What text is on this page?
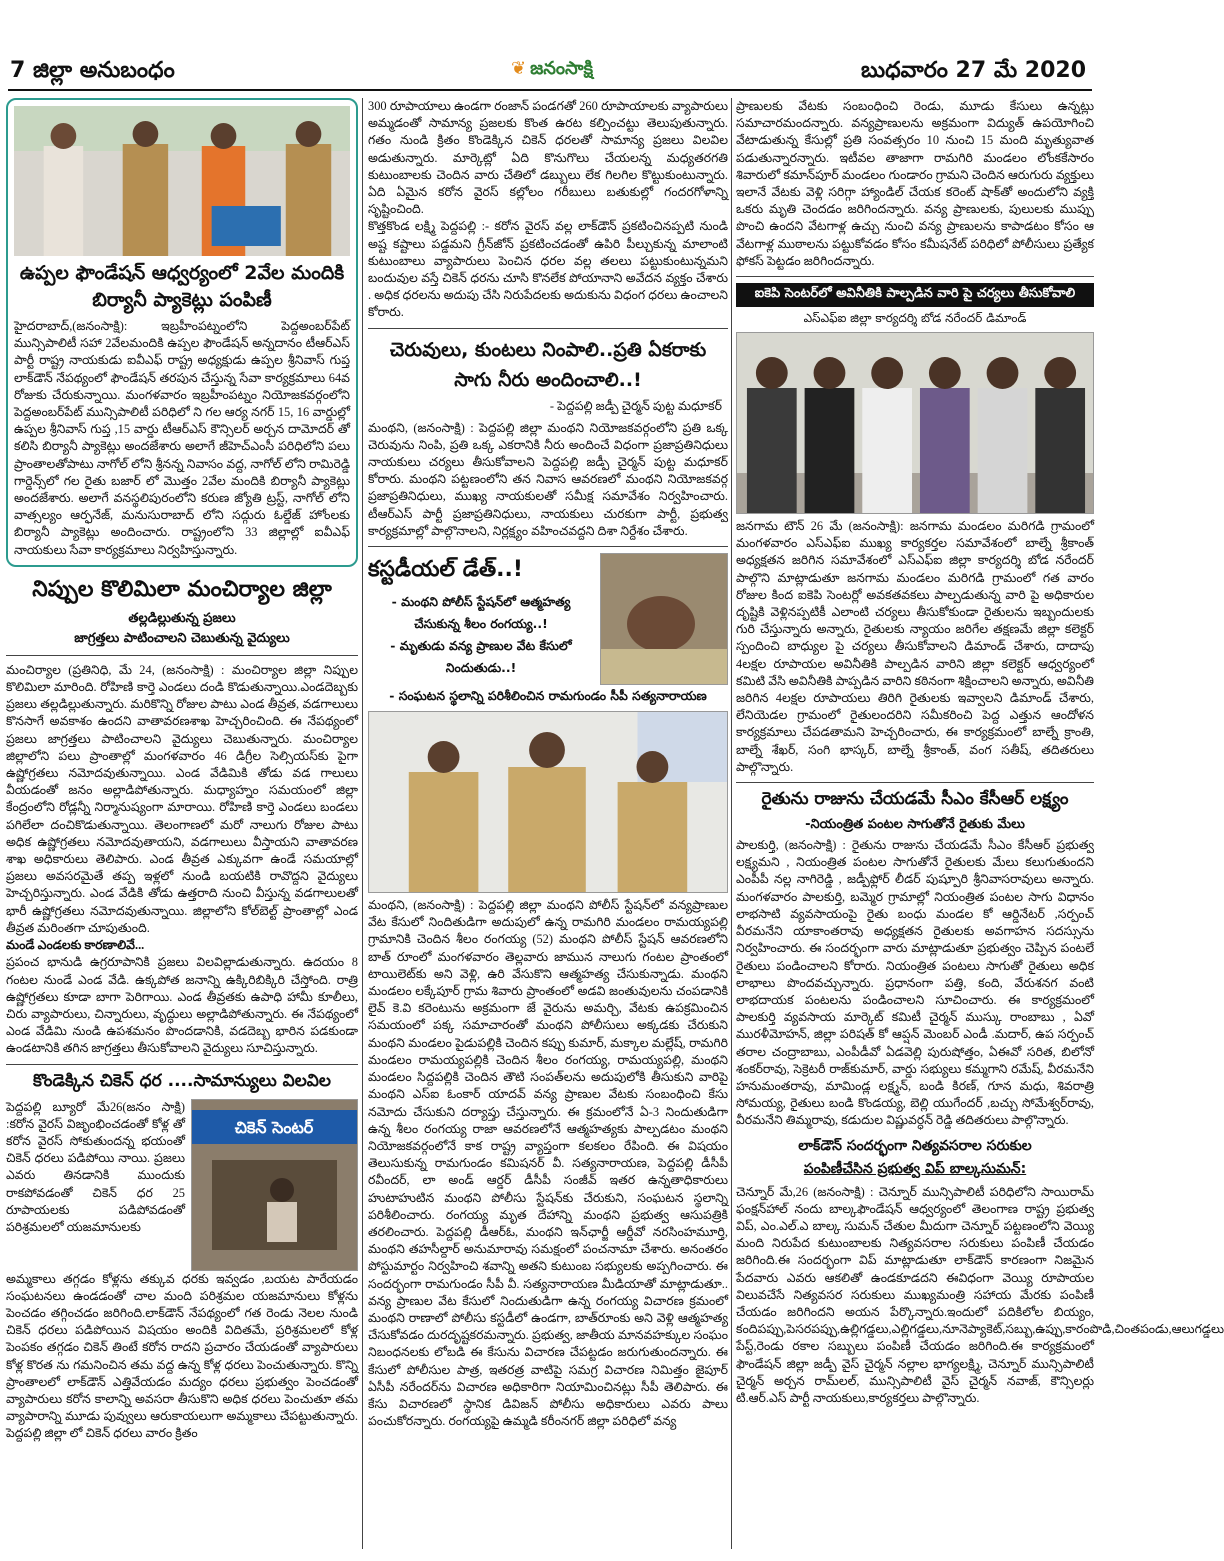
7 జిల్లా అనుబంధం	❦ జనంసాక్షి	బుధవారం 27 మే 2020
ఉప్పల ఫౌండేషన్ ఆధ్వర్యంలో 2వేల మందికి బిర్యానీ ప్యాకెట్లు పంపిణీ

హైదరాబాద్,(జనంసాక్షి): ఇబ్రహీంపట్నంలోని పెద్దఅంబర్‌పేట్ మున్సిపాలిటీ సహా 2వేలమందికి ఉప్పల ఫౌండేషన్ అన్నదానం టీఆర్ఎస్ పార్టీ రాష్ట్ర నాయకుడు ఐవీఎఫ్ రాష్ట్ర అధ్యక్షుడు ఉప్పల శ్రీనివాస్ గుప్త లాక్‌డౌన్ నేపథ్యంలో ఫౌండేషన్ తరపున చేస్తున్న సేవా కార్యక్రమాలు 64వ రోజుకు చేరుకున్నాయి. మంగళవారం ఇబ్రహీంపట్నం నియోజకవర్గంలోని పెద్దఅంబర్‌పేట్ మున్సిపాలిటీ పరిధిలో ని గల ఆర్య నగర్ 15, 16 వార్డుల్లో ఉప్పల శ్రీనివాస్ గుప్త ,15 వార్డు టీఆర్ఎస్ కౌన్సిలర్ అర్చన దామోదర్ తో కలిసి బిర్యానీ ప్యాకెట్లు అందజేశారు అలాగే జీహెచ్ఎంసీ పరిధిలోని పలు ప్రాంతాలతోపాటు నాగోల్ లోని శ్రీనన్న నివాసం వద్ద, నాగోల్ లోని రామిరెడ్డి గార్డెన్స్‌లో గల రైతు బజార్ లో మొత్తం 2వేల మందికి బిర్యానీ ప్యాకెట్లు అందజేశారు. అలాగే వనస్థలిపురంలోని కరుణ జ్యోతి ట్రస్ట్, నాగోల్ లోని వాత్సల్యం ఆర్ఫనేజ్, మనుసురాబాద్ లోని సద్గురు ఓల్డేజ్ హోంలకు బిర్యానీ ప్యాకెట్లు అందించారు. రాష్ట్రంలోని 33 జిల్లాల్లో ఐవీఎఫ్ నాయకులు సేవా కార్యక్రమాలు నిర్వహిస్తున్నారు.

నిప్పుల కొలిమిలా మంచిర్యాల జిల్లా
తల్లడిల్లుతున్న ప్రజలు
జాగ్రత్తలు పాటించాలని చెబుతున్న వైద్యులు

మంచిర్యాల (ప్రతినిధి, మే 24, (జనంసాక్షి) : మంచిర్యాల జిల్లా నిప్పుల కొలిమిలా మారింది. రోహిణి కార్తె ఎండలు దండి కొడుతున్నాయి.ఎండదెబ్బకు ప్రజలు తల్లడిల్లుతున్నారు. మరికొన్ని రోజుల పాటు ఎండ తీవ్రత, వడగాలులు కొనసాగే అవకాశం ఉందని వాతావరణశాఖ హెచ్చరించింది. ఈ నేపథ్యంలో ప్రజలు జాగ్రత్తలు పాటించాలని వైద్యులు చెబుతున్నారు. మంచిర్యాల జిల్లాలోని పలు ప్రాంతాల్లో మంగళవారం 46 డిగ్రీల సెల్సియస్‌కు పైగా ఉష్ణోగ్రతలు నమోదవుతున్నాయి. ఎండ వేడిమికి తోడు వడ గాలులు వీయడంతో జనం అల్లాడిపోతున్నారు. మధ్యాహ్నం సమయంలో జిల్లా కేంద్రంలోని రోడ్లన్నీ నిర్మానుష్యంగా మారాయి. రోహిణి కార్తె ఎండలు బండలు పగిలేలా దంచికొడుతున్నాయి. తెలంగాణలో మరో నాలుగు రోజుల పాటు అధిక ఉష్ణోగ్రతలు నమోదవుతాయని, వడగాలులు వీస్తాయని వాతావరణ శాఖ అధికారులు తెలిపారు. ఎండ తీవ్రత ఎక్కువగా ఉండే సమయాల్లో ప్రజలు అవసరమైతే తప్ప ఇళ్లలో నుండి బయటికి రావొద్దని వైద్యులు హెచ్చరిస్తున్నారు. ఎండ వేడికి తోడు ఉత్తరాది నుంచి వీస్తున్న వడగాలులతో భారీ ఉష్ణోగ్రతలు నమోదవుతున్నాయి. జిల్లాలోని కోల్‌బెల్ట్ ప్రాంతాల్లో ఎండ తీవ్రత మరింతగా చూపుతుంది.

మండే ఎండలకు కారణాలివే...

ప్రపంచ భానుడి ఉగ్రరూపానికి ప్రజలు విలవిల్లాడుతున్నారు. ఉదయం 8 గంటల నుండే ఎండ వేడి. ఉక్కపోత జనాన్ని ఉక్కిరిబిక్కిరి చేస్తోంది. రాత్రి ఉష్ణోగ్రతలు కూడా బాగా పెరిగాయి. ఎండ తీవ్రతకు ఉపాధి హామీ కూలీలు, చిరు వ్యాపారులు, చిన్నారులు, వృద్ధులు అల్లాడిపోతున్నారు. ఈ నేపథ్యంలో ఎండ వేడిమి నుండి ఉపశమనం పొందడానికి, వడదెబ్బ భారిన పడకుండా ఉండటానికి తగిన జాగ్రత్తలు తీసుకోవాలని వైద్యులు సూచిస్తున్నారు.

కొండెక్కిన చికెన్ ధర ....సామాన్యులు విలవిల

పెద్దపల్లి బ్యూరో మే26(జనం సాక్షి) :కరోన వైరస్ విజృంభించడంతో కోళ్ల తో కరోన వైరస్ సోకుతుందన్న భయంతో చికెన్ ధరలు పడిపోయి నాయి. ప్రజలు ఎవరు తినడానికి ముందుకు రాకపోవడంతో చికెన్ ధర 25 రూపాయలకు పడిపోవడంతో పరిశ్రమలలో యజమానులకు

చికెన్ సెంటర్

అమ్మకాలు తగ్గడం కోళ్లను తక్కువ ధరకు ఇవ్వడం ,బయట పారేయడం సంఘటనలు ఉండడంతో చాల మంది పరిశ్రమల యజమానులు కోళ్లను పెంచడం తగ్గించడం జరిగింది.లాక్‌డౌన్ నేపథ్యంలో గత రెండు నెలల నుండి చికెన్ ధరలు పడిపోయిన విషయం అందికి విదితమే, ప్రరిశ్రమలలో కోళ్ల పెంపకం తగ్గడం చికెన్ తింటే కరోన రాదని ప్రచారం చేయడంతో వ్యాపారులు కోళ్ల కొరత ను గమనించిన తమ వద్ద ఉన్న కోళ్ల ధరలు పెంచుతున్నారు. కొన్ని ప్రాంతాలలో లాక్‌డౌన్ ఎత్తివేయడం మద్యం ధరలు ప్రభుత్వం పెంచడంతో వ్యాపారులు కరోన కాలాన్ని అవసరా తీసుకొని అధిక ధరలు పెంచుతూ తమ వ్యాపారాన్ని మూడు పువ్వులు ఆరుకాయలుగా అమ్మకాలు చేపట్టుతున్నారు. పెద్దపల్లి జిల్లా లో చికెన్ ధరలు వారం క్రితం

300 రూపాయాలు ఉండగా రంజాన్ పండగతో 260 రూపాయాలకు వ్యాపారులు అమ్మడంతో సామాన్య ప్రజలకు కొంత ఉరట కల్పించట్టు తెలుపుతున్నారు. గతం నుండి క్రితం కొండెక్కిన చికెన్ ధరలతో సామాన్య ప్రజలు విలవిల అడుతున్నారు. మార్కెట్లో ఏది కొనుగొలు చేయలన్న మధ్యతరగతి కుటుంబాలకు చెందిన వారు చేతిలో డబ్బులు లేక గిలగిల కొట్టుకుంటున్నారు. ఏది ఏమైన కరోన వైరస్ కల్లోలం గరీబులు బతుకుల్లో గందరగోళాన్ని సృష్టించింది.

కొత్తకొండ లక్ష్మి పెద్దపల్లి :- కరోన వైరస్ వల్ల లాక్‌డౌన్ ప్రకటించినప్పటి నుండి అష్ట కష్టాలు పడ్డమని గ్రీన్‌జోన్ ప్రకటించడంతో ఉపిరి పీల్చుకున్న మాలాంటి కుటుంబాలు వ్యాపారులు పెంచిన ధరల వల్ల తలలు పట్టుకుంటున్నమని బందువుల వస్తే చికెన్ ధరను చూసి కొనలేక పోయానాని అవేదన వ్యక్తం చేశారు . అధిక ధరలను అదుపు చేసి నిరుపేదలకు అదుకును విధంగ ధరలు ఉంచాలని కోరారు.

చెరువులు, కుంటలు నింపాలి..ప్రతి ఏకరాకు సాగు నీరు అందించాలి..!
- పెద్దపల్లి జడ్పీ చైర్మన్ పుట్ట మధూకర్

మంథని, (జనంసాక్షి) : పెద్దపల్లి జిల్లా మంథని నియోజకవర్గంలోని ప్రతి ఒక్క చెరువును నింపి, ప్రతి ఒక్క ఎకరానికి నీరు అందించే విధంగా ప్రజాప్రతినిధులు నాయకులు చర్యలు తీసుకోవాలని పెద్దపల్లి జడ్పీ చైర్మన్ పుట్ట మధూకర్ కోరారు. మంథని పట్టణంలోని తన నివాస ఆవరణలో మంథని నియోజకవర్గ ప్రజాప్రతినిధులు, ముఖ్య నాయకులతో సమీక్ష సమావేశం నిర్వహించారు. టీఆర్ఎస్ పార్టీ ప్రజాప్రతినిధులు, నాయకులు చురకుగా పార్టీ, ప్రభుత్వ కార్యక్రమాల్లో పాల్గొనాలని, నిర్లక్ష్యం వహించవద్దని దిశా నిర్దేశం చేశారు.

కస్టడీయల్ డేత్..!

- మంథని పోలీస్ స్టేషన్‌లో ఆత్మహత్య చేసుకున్న శీలం రంగయ్య..!

- మృతుడు వన్య ప్రాణుల వేట కేసులో నిందుతుడు..!

- సంఘటన స్థలాన్ని పరిశీలించిన రామగుండం సీపీ సత్యనారాయణ

మంథని, (జనంసాక్షి) : పెద్దపల్లి జిల్లా మంథని పోలీస్ స్టేషన్‌లో వన్యప్రాణుల వేట కేసులో నిందితుడిగా అదుపులో ఉన్న రామగిరి మండలం రామయ్యపల్లి గ్రామానికి చెందిన శీలం రంగయ్య (52) మంథని పోలీస్ స్టేషన్ ఆవరణలోని బాత్ రూంలో మంగళవారం తెల్లవారు జామున నాలుగు గంటల ప్రాంతంలో టాయిలెట్‌కు అని వెళ్లి, ఉరి వేసుకొని ఆత్మహత్య చేసుకున్నాడు. మంథని మండలం లక్కేపూర్ గ్రామ శివారు ప్రాంతంలో అడవి జంతువులను చంపడానికి లైవ్ కె.వి కరెంటును అక్రమంగా జే వైరును అమర్చి, వేటకు ఉపక్రమించిన సమయంలో పక్క సమాచారంతో మంథని పోలీసులు అక్కడకు చేరుకుని మంథని మండలం పైడుపల్లికి చెందిన కప్పు కుమార్, మక్కాల మల్లేష్, రామగిరి మండలం రామయ్యపల్లికి చెందిన శీలం రంగయ్య, రామయ్యపల్లి, మంథని మండలం సిద్దపల్లికి చెందిన తౌటి సంపత్‌లను అదుపులోకి తీసుకుని వారిపై మంథని ఎస్ఐ ఓంకార్ యాదవ్ వన్య ప్రాణుల వేటకు సంబంధించి కేసు నమోదు చేసుకుని దర్యాప్తు చేస్తున్నారు. ఈ క్రమంలోనే ఏ-3 నిందుతుడిగా ఉన్న శీలం రంగయ్య రాజా ఆవరణలోనే ఆత్మహత్యకు పాల్పడటం మంథని నియోజకవర్గంలోనే కాక రాష్ట్ర వ్యాప్తంగా కలకలం రేపింది. ఈ విషయం తెలుసుకున్న రామగుండం కమిషనర్ వీ. సత్యనారాయణ, పెద్దపల్లి డీసీపీ రవీందర్, లా అండ్ ఆర్డర్ డీసీపీ సంజీవ్ ఇతర ఉన్నతాధికారులు హుటాహుటిన మంథని పోలీసు స్టేషన్‌కు చేరుకుని, సంఘటన స్థలాన్ని పరిశీలించారు. రంగయ్య మృత దేహాన్ని మంథని ప్రభుత్వ ఆసుపత్రికి తరలించారు. పెద్దపల్లి డీఆర్ఓ, మంథని ఇన్‌ఛార్జీ ఆర్డీవో నరసింహమూర్తి, మంథని తహసీల్దార్ అనుమారావు సమక్షంలో పంచనామా చేశారు. అనంతరం పోస్టుమార్టం నిర్వహించి శవాన్ని అతని కుటుంబ సభ్యులకు అప్పగించారు. ఈ సందర్భంగా రామగుండం సీపీ వీ. సత్యనారాయణ మీడియాతో మాట్లాడుతూ.. వన్య ప్రాణుల వేట కేసులో నిందుతుడిగా ఉన్న రంగయ్య విచారణ క్రమంలో మంథని రాణాలో పోలీసు కస్టడీలో ఉండగా, బాత్‌రూంకు అని వెళ్లి ఆత్మహత్య చేసుకోవడం దురదృష్టకరమన్నారు. ప్రభుత్వ, జాతీయ మానవహక్కుల సంఘం నిబంధనలకు లోబడి ఈ కేసును విచారణ చేపట్టడం జరుగుతుందన్నారు. ఈ కేసులో పోలీసుల పాత్ర, ఇతరత్ర వాటిపై సమగ్ర విచారణ నిమిత్తం జైపూర్ ఏసీపీ నరేందర్‌ను విచారణ అధికారిగా నియామించినట్లు సీపీ తెలిపారు. ఈ కేసు విచారణలో స్థానిక డివిజన్ పోలీసు అధికారులు ఎవరు పాలు పంచుకోరన్నారు. రంగయ్యపై ఉమ్మడి కరీంనగర్ జిల్లా పరిధిలో వన్య

ప్రాణులకు వేటకు సంబంధించి రెండు, మూడు కేసులు ఉన్నట్లు సమాచారమందన్నారు. వన్యప్రాణులను అక్రమంగా విద్యుత్ ఉపయోగించి వేటాడుతున్న కేసుల్లో ప్రతి సంవత్సరం 10 నుంచి 15 మంది మృత్యువాత పడుతున్నారన్నారు. ఇటీవల తాజాగా రామగిరి మండలం లోంకకేసారం శివారులో కమాన్‌పూర్ మండలం గుండారం గ్రామని చెందిన ఆరుగురు వ్యక్తులు ఇలానే వేటకు వెళ్లి సరిగ్గా హ్యాండిల్ చేయక కరెంట్ షాక్‌తో అందులోని వ్యక్తి ఒకరు మృతి చెందడం జరిగిందన్నారు. వన్య ప్రాణులకు, పులులకు ముప్పు పొంచి ఉందని వేటగాళ్ల ఉచ్చు నుంచి వన్య ప్రాణులను కాపాడటం కోసం ఆ వేటగాళ్ల ముఠాలను పట్టుకోవడం కోసం కమీషనేట్ పరిధిలో పోలీసులు ప్రత్యేక ఫోకస్ పెట్టడం జరిగిందన్నారు.

ఐకెపి సెంటర్‌లో అవినీతికి పాల్పడిన వారి పై చర్యలు తీసుకోవాలి
ఎస్ఎఫ్ఐ జిల్లా కార్యదర్శి బోడ నరేందర్ డిమాండ్

జనగామ టౌన్ 26 మే (జనంసాక్షి): జనగామ మండలం మరిగడి గ్రామంలో మంగళవారం ఎస్ఎఫ్ఐ ముఖ్య కార్యకర్తల సమావేశంలో బాల్నే శ్రీకాంత్ అధ్యక్షతన జరిగిన సమావేశంలో ఎస్ఎఫ్ఐ జిల్లా కార్యదర్శి బోడ నరేందర్ పాల్గొని మాట్లాడుతూ జనగామ మండలం మరిగడి గ్రామంలో గత వారం రోజుల కింద ఐకెపి సెంటర్లో అవకతవకలు పాల్పడుతున్న వారి పై అధికారుల దృష్టికి వెళ్లినప్పటికీ ఎలాంటి చర్యలు తీసుకోకుండా రైతులను ఇబ్బందులకు గురి చేస్తున్నారు అన్నారు, రైతులకు న్యాయం జరిగేల తక్షణమే జిల్లా కలెక్టర్ స్పందించి బాధ్యుల పై చర్యలు తీసుకోవాలని డిమాండ్ చేశారు, దాదాపు 4లక్షల రూపాయల అవినీతికి పాల్పడిన వారిని జిల్లా కలెక్టర్ ఆధ్వర్యంలో కమిటి వేసి అవినీతికి పాప్పడిన వారిని కఠినంగా శిక్షించాలని అన్నారు, అవినీతి జరిగిన 4లక్షల రూపాయలు తిరిగి రైతులకు ఇవ్వాలని డిమాండ్ చేశారు, లేనియెడల గ్రామంలో రైతులందరిని సమీకరించి పెద్ద ఎత్తున ఆందోళన కార్యక్రమాలు చేపడతామని హెచ్చరించారు, ఈ కార్యక్రమంలో బాల్నే క్రాంతి, బాల్నే శేఖర్, సంగి భాస్కర్, బాల్నే శ్రీకాంత్, వంగ సతీష్, తదితరులు పాల్గొన్నారు.

రైతును రాజును చేయడమే సీఎం కేసీఆర్ లక్ష్యం
-నియంత్రిత పంటల సాగుతోనే రైతుకు మేలు

పాలకుర్తి, (జనంసాక్షి) : రైతును రాజును చేయడమే సీఎం కేసీఆర్ ప్రభుత్వ లక్ష్యమని , నియంత్రిత పంటల సాగుతోనే రైతులకు మేలు కలుగుతుందని ఎంపీపీ నల్ల నాగిరెడ్డి , జడ్పీఫ్లోర్ లీడర్ పుష్పూరి శ్రీనివాసరావులు అన్నారు. మంగళవారం పాలకుర్తి, బమ్మెర గ్రామాల్లో నియంత్రిత పంటల సాగు విధానం లాభసాటి వ్యవసాయంపై రైతు బంధు మండల కో ఆర్డినేటర్ ,సర్పంచ్ వీరమనేని యాకాంతరావు అధ్యక్షతన రైతులకు అవగాహన సదస్సును నిర్వహించారు. ఈ సందర్భంగా వారు మాట్లాడుతూ ప్రభుత్వం చెప్పిన పంటలే రైతులు పండించాలని కోరారు. నియంత్రిత పంటలు సాగుతో రైతులు అధిక లాభాలు పొందవచ్చున్నారు. ప్రధానంగా పత్తి, కంది, వేరుశనగ వంటి లాభదాయక పంటలను పండించాలని సూచించారు. ఈ కార్యక్రమంలో పాలకుర్తి వ్యవసాయ మార్కెట్ కమిటీ చైర్మన్ ముస్కు రాంబాబు , ఏవో మురళీమోహన్, జిల్లా పరిషత్ కో ఆప్షన్ మెంబర్ ఎండీ .మదార్, ఉప సర్పంచ్ తరాల చంద్రాబాబు, ఎంపీడీవో ఏడవెల్లి పురుషోత్తం, ఏఈవో సరిత, బిలోనో శంకర్‌రావు, సెక్రెటరీ రాజ్‌కుమార్, వార్డు సభ్యులు కమ్మగాని రమేష్, వీరమనేని హనుమంతరావు, మామిండ్ల లక్ష్మన్, బండి కిరణ్, గూన మధు, శివరాత్రి సోమయ్య, రైతులు బండి కొండయ్య, బెల్లి యుగేందర్ ,బచ్చు సోమేశ్వర్‌రావు, వీరమనేని తిమ్మరావు, కడుదుల విష్ణువర్ధన్ రెడ్డి తదితరులు పాల్గొన్నారు.

లాక్‌డౌన్ సందర్భంగా నిత్యవసరాల సరుకుల
పంపిణీచేసిన ప్రభుత్వ విప్ బాల్కసుమన్:

చెన్నూర్ మే,26 (జనంసాక్షి) : చెన్నూర్ మున్సిపాలిటీ పరిధిలోని సాయిరామ్ ఫంక్షన్‌హాల్ నందు బాల్కఫౌండేషన్ ఆధ్వర్యంలో తెలంగాణ రాష్ట్ర ప్రభుత్వ విప్, ఎం.ఎల్.ఎ బాల్క సుమన్ చేతుల మీదుగా చెన్నూర్ పట్టణంలోని వెయ్యి మంది నిరుపేద కుటుంబాలకు నిత్యవసరాల సరుకులు పంపిణీ చేయడం జరిగింది.ఈ సందర్భంగా విప్ మాట్లాడుతూ లాక్‌డౌన్ కారణంగా నిజమైన పేదవారు ఎవరు ఆకలితో ఉండకూడదని ఈవిధంగా వెయ్యి రూపాయల విలువచేసే నిత్యవసర సరుకులు ముఖ్యమంత్రి సహాయ మేరకు పంపిణీ చేయడం జరిగిందని అయన పేర్కొన్నారు.ఇందులో పదికిలోల బియ్యం, కందిపప్పు,పెసరపప్పు,ఉల్లిగడ్డలు,ఎల్లిగడ్డలు,నూనెప్యాకెట్,సబ్బు,ఉప్పు,కారంపొడి,చింతపండు,ఆలుగడ్డలు పేస్ట్,రెండు రకాల సబ్బులు పంపిణీ చేయడం జరిగింది.ఈ కార్యక్రమంలో ఫౌండేషన్ జిల్లా జడ్పీ వైస్ చైర్మన్ నల్లాల భాగ్యలక్ష్మి, చెన్నూర్ మున్సిపాలిటీ చైర్మన్ అర్చన రామ్‌లల్, మున్సిపాలిటీ వైస్ చైర్మన్ నవాజ్, కౌన్సిలర్లు టి.ఆర్.ఎస్ పార్టీ నాయకులు,కార్యకర్తలు పాల్గొన్నారు.
